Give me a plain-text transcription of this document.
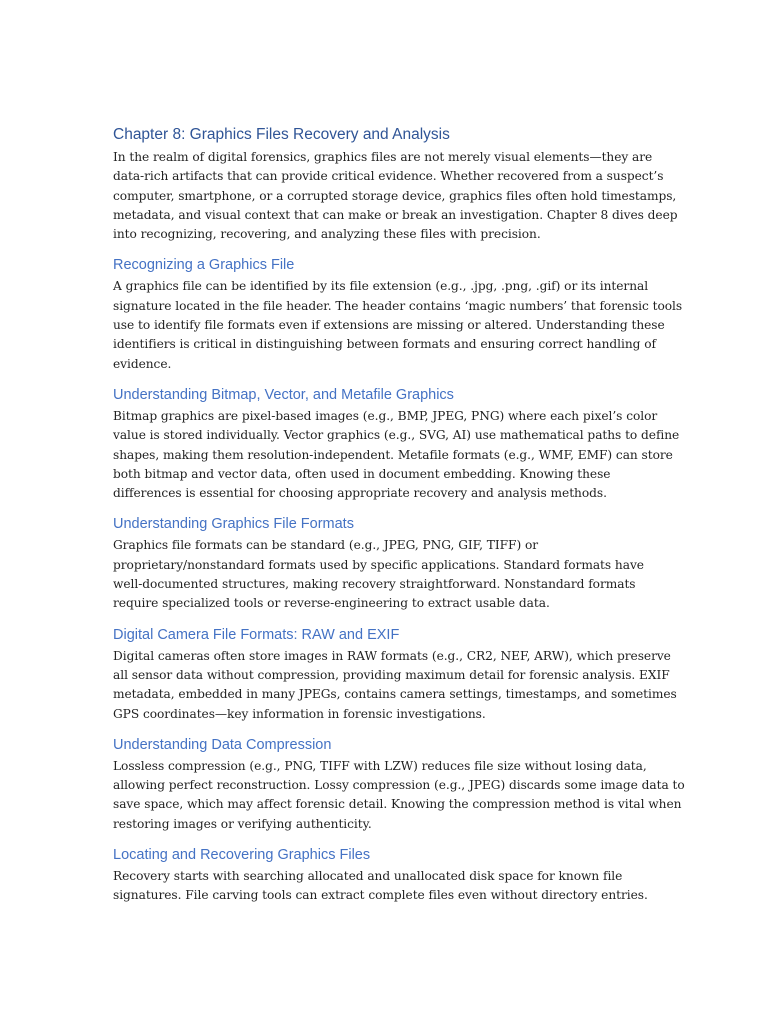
Chapter 8: Graphics Files Recovery and Analysis

In the realm of digital forensics, graphics files are not merely visual elements—they are
data-rich artifacts that can provide critical evidence. Whether recovered from a suspect’s
computer, smartphone, or a corrupted storage device, graphics files often hold timestamps,
metadata, and visual context that can make or break an investigation. Chapter 8 dives deep
into recognizing, recovering, and analyzing these files with precision.

Recognizing a Graphics File

A graphics file can be identified by its file extension (e.g., .jpg, .png, .gif) or its internal
signature located in the file header. The header contains ‘magic numbers’ that forensic tools
use to identify file formats even if extensions are missing or altered. Understanding these
identifiers is critical in distinguishing between formats and ensuring correct handling of
evidence.

Understanding Bitmap, Vector, and Metafile Graphics

Bitmap graphics are pixel-based images (e.g., BMP, JPEG, PNG) where each pixel’s color
value is stored individually. Vector graphics (e.g., SVG, AI) use mathematical paths to define
shapes, making them resolution-independent. Metafile formats (e.g., WMF, EMF) can store
both bitmap and vector data, often used in document embedding. Knowing these
differences is essential for choosing appropriate recovery and analysis methods.

Understanding Graphics File Formats

Graphics file formats can be standard (e.g., JPEG, PNG, GIF, TIFF) or
proprietary/nonstandard formats used by specific applications. Standard formats have
well-documented structures, making recovery straightforward. Nonstandard formats
require specialized tools or reverse-engineering to extract usable data.

Digital Camera File Formats: RAW and EXIF

Digital cameras often store images in RAW formats (e.g., CR2, NEF, ARW), which preserve
all sensor data without compression, providing maximum detail for forensic analysis. EXIF
metadata, embedded in many JPEGs, contains camera settings, timestamps, and sometimes
GPS coordinates—key information in forensic investigations.

Understanding Data Compression

Lossless compression (e.g., PNG, TIFF with LZW) reduces file size without losing data,
allowing perfect reconstruction. Lossy compression (e.g., JPEG) discards some image data to
save space, which may affect forensic detail. Knowing the compression method is vital when
restoring images or verifying authenticity.

Locating and Recovering Graphics Files

Recovery starts with searching allocated and unallocated disk space for known file
signatures. File carving tools can extract complete files even without directory entries.
